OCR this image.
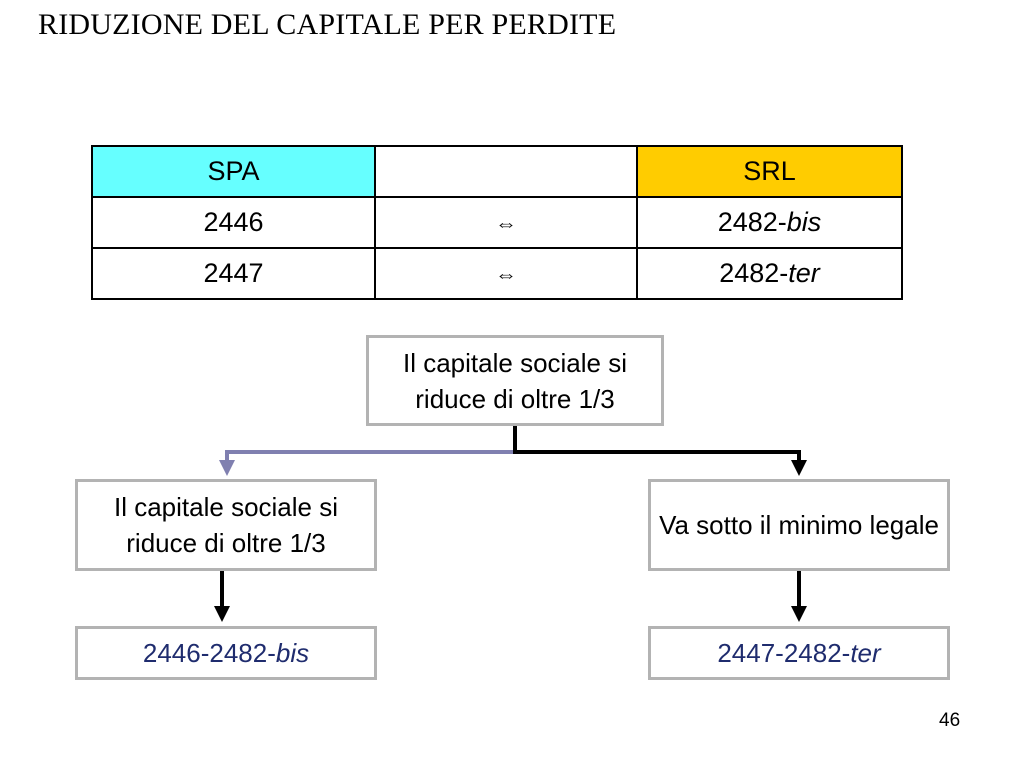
RIDUZIONE DEL CAPITALE PER PERDITE
SPA		SRL
2446	⇔	2482-bis
2447	⇔	2482-ter
Il capitale sociale si riduce di oltre 1/3
Il capitale sociale si riduce di oltre 1/3
Va sotto il minimo legale
2446-2482-bis	2447-2482-ter
46
